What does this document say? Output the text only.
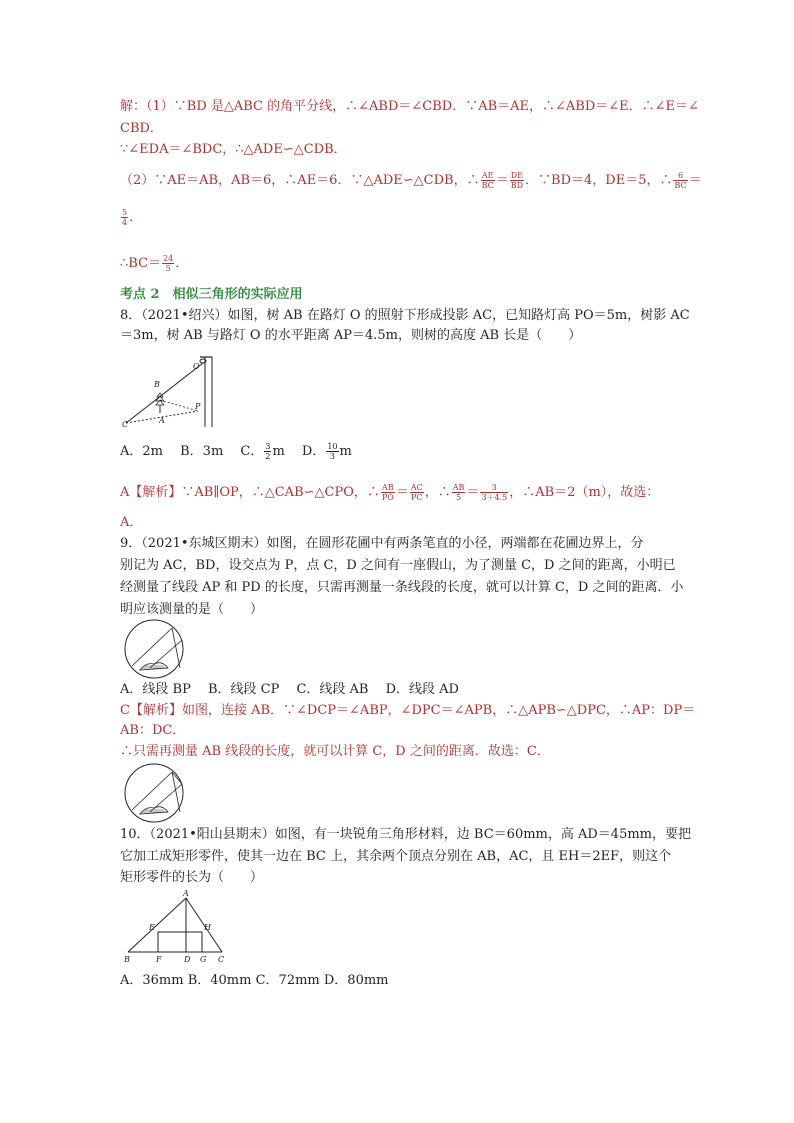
解：（1）∵BD 是△ABC 的角平分线，∴∠ABD＝∠CBD．∵AB＝AE，∴∠ABD＝∠E．∴∠E＝∠
CBD．
∵∠EDA＝∠BDC，∴△ADE∽△CDB．
（2）∵AE＝AB，AB＝6，∴AE＝6．∵△ADE∽△CDB，∴ $\frac{AE}{BC} = \frac{DE}{BD}$ ．∵BD＝4，DE＝5，∴ $\frac{6}{BC}$ ＝
$\frac{5}{4}$ ．
∴BC＝ $\frac{24}{5}$ ．
考点 2　相似三角形的实际应用
8．（2021•绍兴）如图，树 AB 在路灯 O 的照射下形成投影 AC，已知路灯高 PO＝5m，树影 AC
＝3m，树 AB 与路灯 O 的水平距离 AP＝4.5m，则树的高度 AB 长是（　　）
B
O
P
C	A
A．2m　 B．3m　 C． $\frac{3}{2}$ m　 D． $\frac{10}{3}$ m
A【解析】∵AB∥OP，∴△CAB∽△CPO，∴ $\frac{AB}{PO} = \frac{AC}{PC}$ ，∴ $\frac{AB}{5} = \frac{3}{3+4.5}$ ，∴AB＝2（m），故选：
A．
9．（2021•东城区期末）如图，在圆形花圃中有两条笔直的小径，两端都在花圃边界上，分
别记为 AC，BD，设交点为 P，点 C，D 之间有一座假山，为了测量 C，D 之间的距离，小明已
经测量了线段 AP 和 PD 的长度，只需再测量一条线段的长度，就可以计算 C，D 之间的距离．小
明应该测量的是（　　）
A．线段 BP　 B．线段 CP　 C．线段 AB　 D．线段 AD
C【解析】如图，连接 AB．∵∠DCP＝∠ABP，∠DPC＝∠APB，∴△APB∽△DPC，∴AP：DP＝
AB：DC．
∴只需再测量 AB 线段的长度，就可以计算 C，D 之间的距离．故选：C．
10．（2021•阳山县期末）如图，有一块锐角三角形材料，边 BC＝60mm，高 AD＝45mm，要把
它加工成矩形零件，使其一边在 BC 上，其余两个顶点分别在 AB，AC，且 EH＝2EF，则这个
矩形零件的长为（　　）
A
E	H
B	F	D G C
A．36mm B．40mm C．72mm D．80mm
